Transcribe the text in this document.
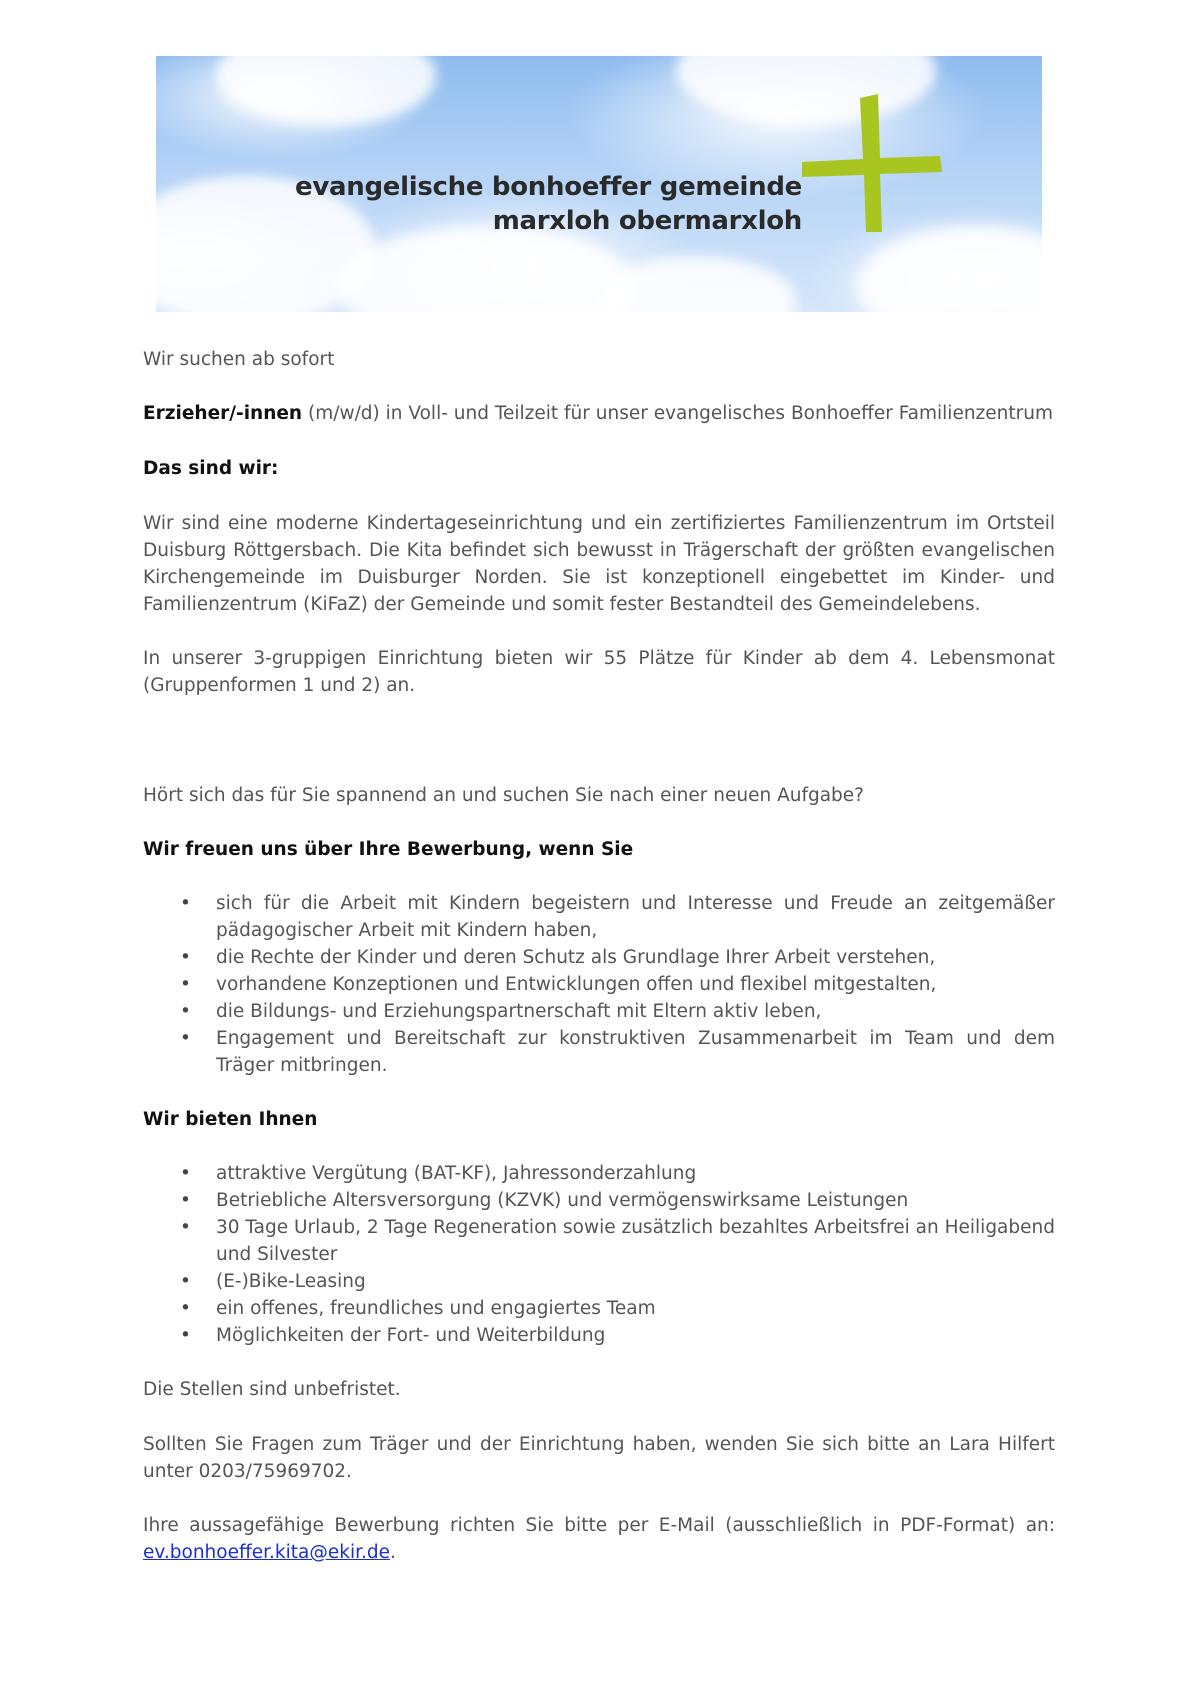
evangelische bonhoeffer gemeinde
marxloh obermarxloh

Wir suchen ab sofort

Erzieher/-innen (m/w/d) in Voll- und Teilzeit für unser evangelisches Bonhoeffer Familienzentrum

Das sind wir:

Wir sind eine moderne Kindertageseinrichtung und ein zertifiziertes Familienzentrum im Ortsteil Duisburg Röttgersbach. Die Kita befindet sich bewusst in Trägerschaft der größten evangelischen Kirchengemeinde im Duisburger Norden. Sie ist konzeptionell eingebettet im Kinder- und Familienzentrum (KiFaZ) der Gemeinde und somit fester Bestandteil des Gemeindelebens.

In unserer 3-gruppigen Einrichtung bieten wir 55 Plätze für Kinder ab dem 4. Lebensmonat (Gruppenformen 1 und 2) an.

Hört sich das für Sie spannend an und suchen Sie nach einer neuen Aufgabe?

Wir freuen uns über Ihre Bewerbung, wenn Sie

• sich für die Arbeit mit Kindern begeistern und Interesse und Freude an zeitgemäßer pädagogischer Arbeit mit Kindern haben,
• die Rechte der Kinder und deren Schutz als Grundlage Ihrer Arbeit verstehen,
• vorhandene Konzeptionen und Entwicklungen offen und flexibel mitgestalten,
• die Bildungs- und Erziehungspartnerschaft mit Eltern aktiv leben,
• Engagement und Bereitschaft zur konstruktiven Zusammenarbeit im Team und dem Träger mitbringen.

Wir bieten Ihnen

• attraktive Vergütung (BAT-KF), Jahressonderzahlung
• Betriebliche Altersversorgung (KZVK) und vermögenswirksame Leistungen
• 30 Tage Urlaub, 2 Tage Regeneration sowie zusätzlich bezahltes Arbeitsfrei an Heiligabend und Silvester
• (E-)Bike-Leasing
• ein offenes, freundliches und engagiertes Team
• Möglichkeiten der Fort- und Weiterbildung

Die Stellen sind unbefristet.

Sollten Sie Fragen zum Träger und der Einrichtung haben, wenden Sie sich bitte an Lara Hilfert unter 0203/75969702.

Ihre aussagefähige Bewerbung richten Sie bitte per E-Mail (ausschließlich in PDF-Format) an: ev.bonhoeffer.kita@ekir.de.
